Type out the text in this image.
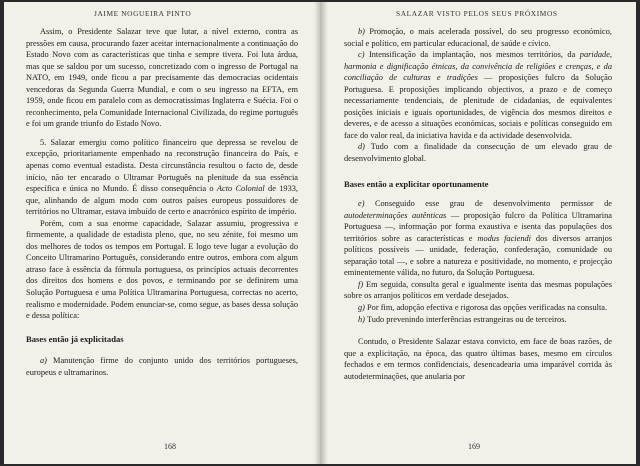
JAIME NOGUEIRA PINTO

Assim, o Presidente Salazar teve que lutar, a nível externo, contra as pressões em causa, procurando fazer aceitar internacionalmente a continuação do Estado Novo com as características que tinha e sempre tivera. Foi luta árdua, mas que se saldou por um sucesso, concretizado com o ingresso de Portugal na NATO, em 1949, onde ficou a par precisamente das democracias ocidentais vencedoras da Segunda Guerra Mundial, e com o seu ingresso na EFTA, em 1959, onde ficou em paralelo com as democratissimas Inglaterra e Suécia. Foi o reconhecimento, pela Comunidade Internacional Civilizada, do regime português e foi um grande triunfo do Estado Novo.

5. Salazar emergiu como político financeiro que depressa se revelou de excepção, prioritariamente empenhado na reconstrução financeira do País, e apenas como eventual estadista. Desta circunstância resultou o facto de, desde início, não ter encarado o Ultramar Português na plenitude da sua essência específica e única no Mundo. É disso consequência o Acto Colonial de 1933, que, alinhando de algum modo com outros países europeus possuidores de territórios no Ultramar, estava imbuído de certo e anacrónico espírito de império.

Porém, com a sua enorme capacidade, Salazar assumiu, progressiva e firmemente, a qualidade de estadista pleno, que, no seu zénite, foi mesmo um dos melhores de todos os tempos em Portugal. E logo teve lugar a evolução do Conceito Ultramarino Português, considerando entre outros, embora com algum atraso face à essência da fórmula portuguesa, os princípios actuais decorrentes dos direitos dos homens e dos povos, e terminando por se definirem uma Solução Portuguesa e uma Política Ultramarina Portuguesa, correctas no acerto, realismo e modernidade. Podem enunciar-se, como segue, as bases dessa solução e dessa política:

Bases então já explicitadas

a) Manutenção firme do conjunto unido dos territórios portugueses, europeus e ultramarinos.

168
SALAZAR VISTO PELOS SEUS PRÓXIMOS

b) Promoção, o mais acelerada possível, do seu progresso económico, social e político, em particular educacional, de saúde e cívico.

c) Intensificação da implantação, nos mesmos territórios, da paridade, harmonia e dignificação étnicas, da convivência de religiões e crenças, e da conciliação de culturas e tradições — proposições fulcro da Solução Portuguesa. E proposições implicando objectivos, a prazo e de começo necessariamente tendenciais, de plenitude de cidadanias, de equivalentes posições iniciais e iguais oportunidades, de vigência dos mesmos direitos e deveres, e de acesso a situações económicas, sociais e políticas conseguido em face do valor real, da iniciativa havida e da actividade desenvolvida.

d) Tudo com a finalidade da consecução de um elevado grau de desenvolvimento global.

Bases então a explicitar oportunamente

e) Conseguido esse grau de desenvolvimento permissor de autodeterminações autênticas — proposição fulcro da Política Ultramarina Portuguesa —, informação por forma exaustiva e isenta das populações dos territórios sobre as características e modus faciendi dos diversos arranjos políticos possíveis — unidade, federação, confederação, comunidade ou separação total —, e sobre a natureza e positividade, no momento, e projecção eminentemente válida, no futuro, da Solução Portuguesa.

f) Em seguida, consulta geral e igualmente isenta das mesmas populações sobre os arranjos políticos em verdade desejados.

g) Por fim, adopção efectiva e rigorosa das opções verificadas na consulta.

h) Tudo prevenindo interferências estrangeiras ou de terceiros.

Contudo, o Presidente Salazar estava convicto, em face de boas razões, de que a explicitação, na época, das quatro últimas bases, mesmo em círculos fechados e em termos confidenciais, desencadearia uma imparável corrida às autodeterminações, que anularia por

169
